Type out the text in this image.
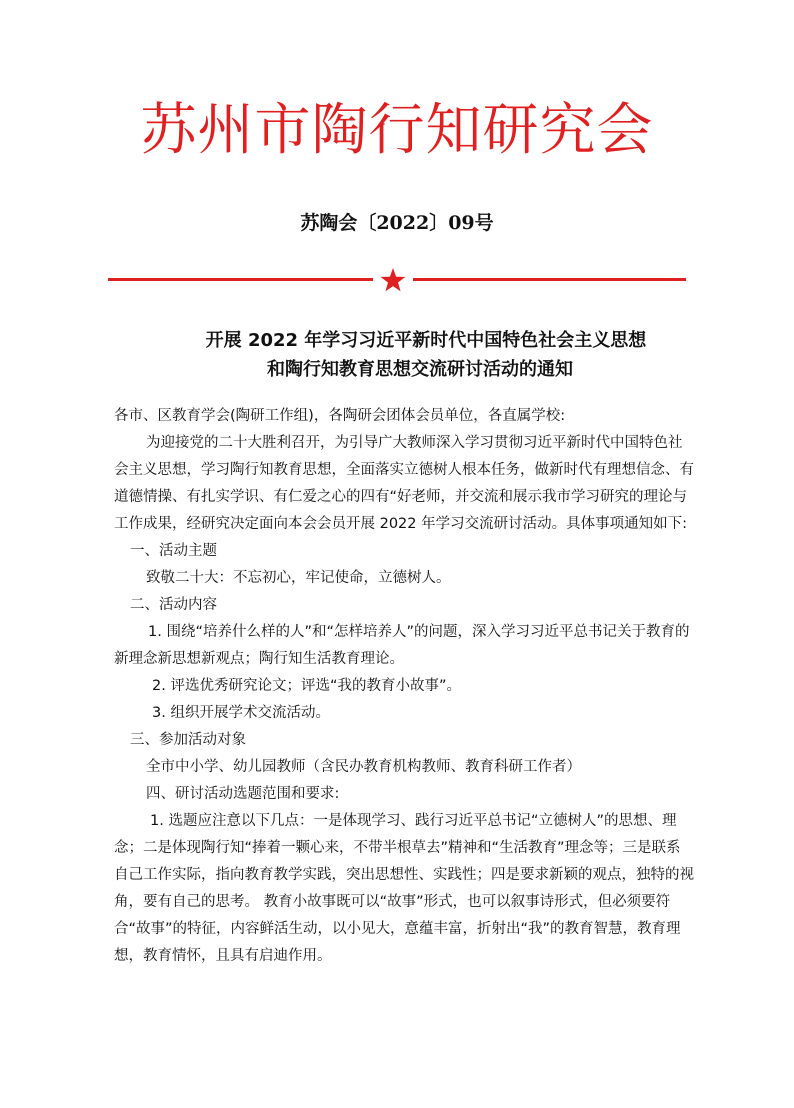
苏州市陶行知研究会
苏陶会〔2022〕09号
开展 2022 年学习习近平新时代中国特色社会主义思想
和陶行知教育思想交流研讨活动的通知

各市、区教育学会(陶研工作组)，各陶研会团体会员单位，各直属学校:

为迎接党的二十大胜利召开，为引导广大教师深入学习贯彻习近平新时代中国特色社会主义思想，学习陶行知教育思想，全面落实立德树人根本任务，做新时代有理想信念、有道德情操、有扎实学识、有仁爱之心的四有“好老师，并交流和展示我市学习研究的理论与工作成果，经研究决定面向本会会员开展 2022 年学习交流研讨活动。具体事项通知如下:

一、活动主题

致敬二十大：不忘初心，牢记使命，立德树人。

二、活动内容

1. 围绕“培养什么样的人”和“怎样培养人”的问题，深入学习习近平总书记关于教育的新理念新思想新观点；陶行知生活教育理论。

2. 评选优秀研究论文；评选“我的教育小故事”。

3. 组织开展学术交流活动。

三、参加活动对象

全市中小学、幼儿园教师（含民办教育机构教师、教育科研工作者）

四、研讨活动选题范围和要求:

1. 选题应注意以下几点：一是体现学习、践行习近平总书记“立德树人”的思想、理念；二是体现陶行知“捧着一颗心来，不带半根草去”精神和“生活教育”理念等；三是联系自己工作实际，指向教育教学实践，突出思想性、实践性；四是要求新颖的观点，独特的视角，要有自己的思考。 教育小故事既可以“故事”形式，也可以叙事诗形式，但必须要符合“故事”的特征，内容鲜活生动，以小见大，意蕴丰富，折射出“我”的教育智慧，教育理想，教育情怀，且具有启迪作用。
